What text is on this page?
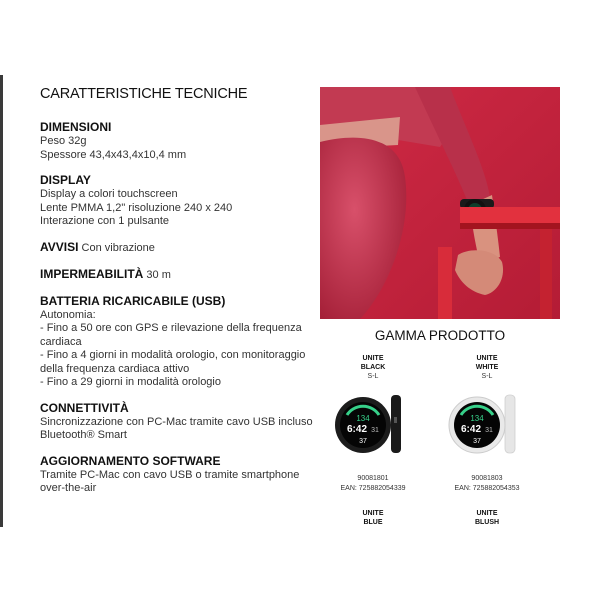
CARATTERISTICHE TECNICHE
DIMENSIONI
Peso 32g
Spessore 43,4x43,4x10,4 mm
DISPLAY
Display a colori touchscreen
Lente PMMA 1,2" risoluzione 240 x 240
Interazione con 1 pulsante
AVVISI Con vibrazione
IMPERMEABILITÀ 30 m
BATTERIA RICARICABILE (USB)
Autonomia:
- Fino a 50 ore con GPS e rilevazione della frequenza
cardiaca
- Fino a 4 giorni in modalità orologio, con monitoraggio
della frequenza cardiaca attivo
- Fino a 29 giorni in modalità orologio
CONNETTIVITÀ
Sincronizzazione con PC-Mac tramite cavo USB incluso
Bluetooth® Smart
AGGIORNAMENTO SOFTWARE
Tramite PC-Mac con cavo USB o tramite smartphone
over-the-air
GAMMA PRODOTTO
UNITE
BLACK
S-L
134
6:42 31
37
90081801
EAN: 725882054339
UNITE
WHITE
S-L
134
6:42 31
37
90081803
EAN: 725882054353
UNITE
BLUE
UNITE
BLUSH
